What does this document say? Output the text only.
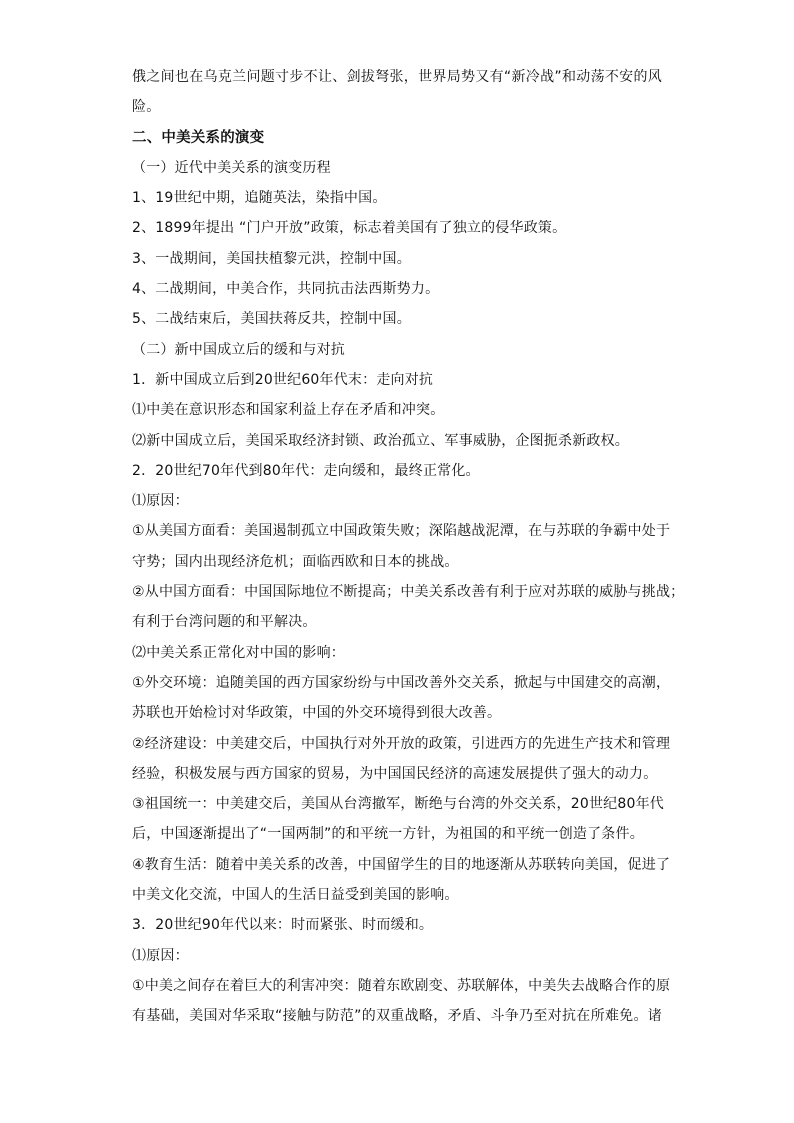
俄之间也在乌克兰问题寸步不让、剑拔弩张，世界局势又有“新冷战”和动荡不安的风
险。
二、中美关系的演变
（一）近代中美关系的演变历程
1、19世纪中期，追随英法，染指中国。
2、1899年提出 “门户开放”政策，标志着美国有了独立的侵华政策。
3、一战期间，美国扶植黎元洪，控制中国。
4、二战期间，中美合作，共同抗击法西斯势力。
5、二战结束后，美国扶蒋反共，控制中国。
（二）新中国成立后的缓和与对抗
1．新中国成立后到20世纪60年代末：走向对抗
⑴中美在意识形态和国家利益上存在矛盾和冲突。
⑵新中国成立后，美国采取经济封锁、政治孤立、军事威胁，企图扼杀新政权。
2．20世纪70年代到80年代：走向缓和，最终正常化。
⑴原因：
①从美国方面看：美国遏制孤立中国政策失败；深陷越战泥潭，在与苏联的争霸中处于
守势；国内出现经济危机；面临西欧和日本的挑战。
②从中国方面看：中国国际地位不断提高；中美关系改善有利于应对苏联的威胁与挑战；
有利于台湾问题的和平解决。
⑵中美关系正常化对中国的影响：
①外交环境：追随美国的西方国家纷纷与中国改善外交关系，掀起与中国建交的高潮，
苏联也开始检讨对华政策，中国的外交环境得到很大改善。
②经济建设：中美建交后，中国执行对外开放的政策，引进西方的先进生产技术和管理
经验，积极发展与西方国家的贸易，为中国国民经济的高速发展提供了强大的动力。
③祖国统一：中美建交后，美国从台湾撤军，断绝与台湾的外交关系，20世纪80年代
后，中国逐渐提出了“一国两制”的和平统一方针，为祖国的和平统一创造了条件。
④教育生活：随着中美关系的改善，中国留学生的目的地逐渐从苏联转向美国，促进了
中美文化交流，中国人的生活日益受到美国的影响。
3．20世纪90年代以来：时而紧张、时而缓和。
⑴原因：
①中美之间存在着巨大的利害冲突：随着东欧剧变、苏联解体，中美失去战略合作的原
有基础，美国对华采取“接触与防范”的双重战略，矛盾、斗争乃至对抗在所难免。诸
